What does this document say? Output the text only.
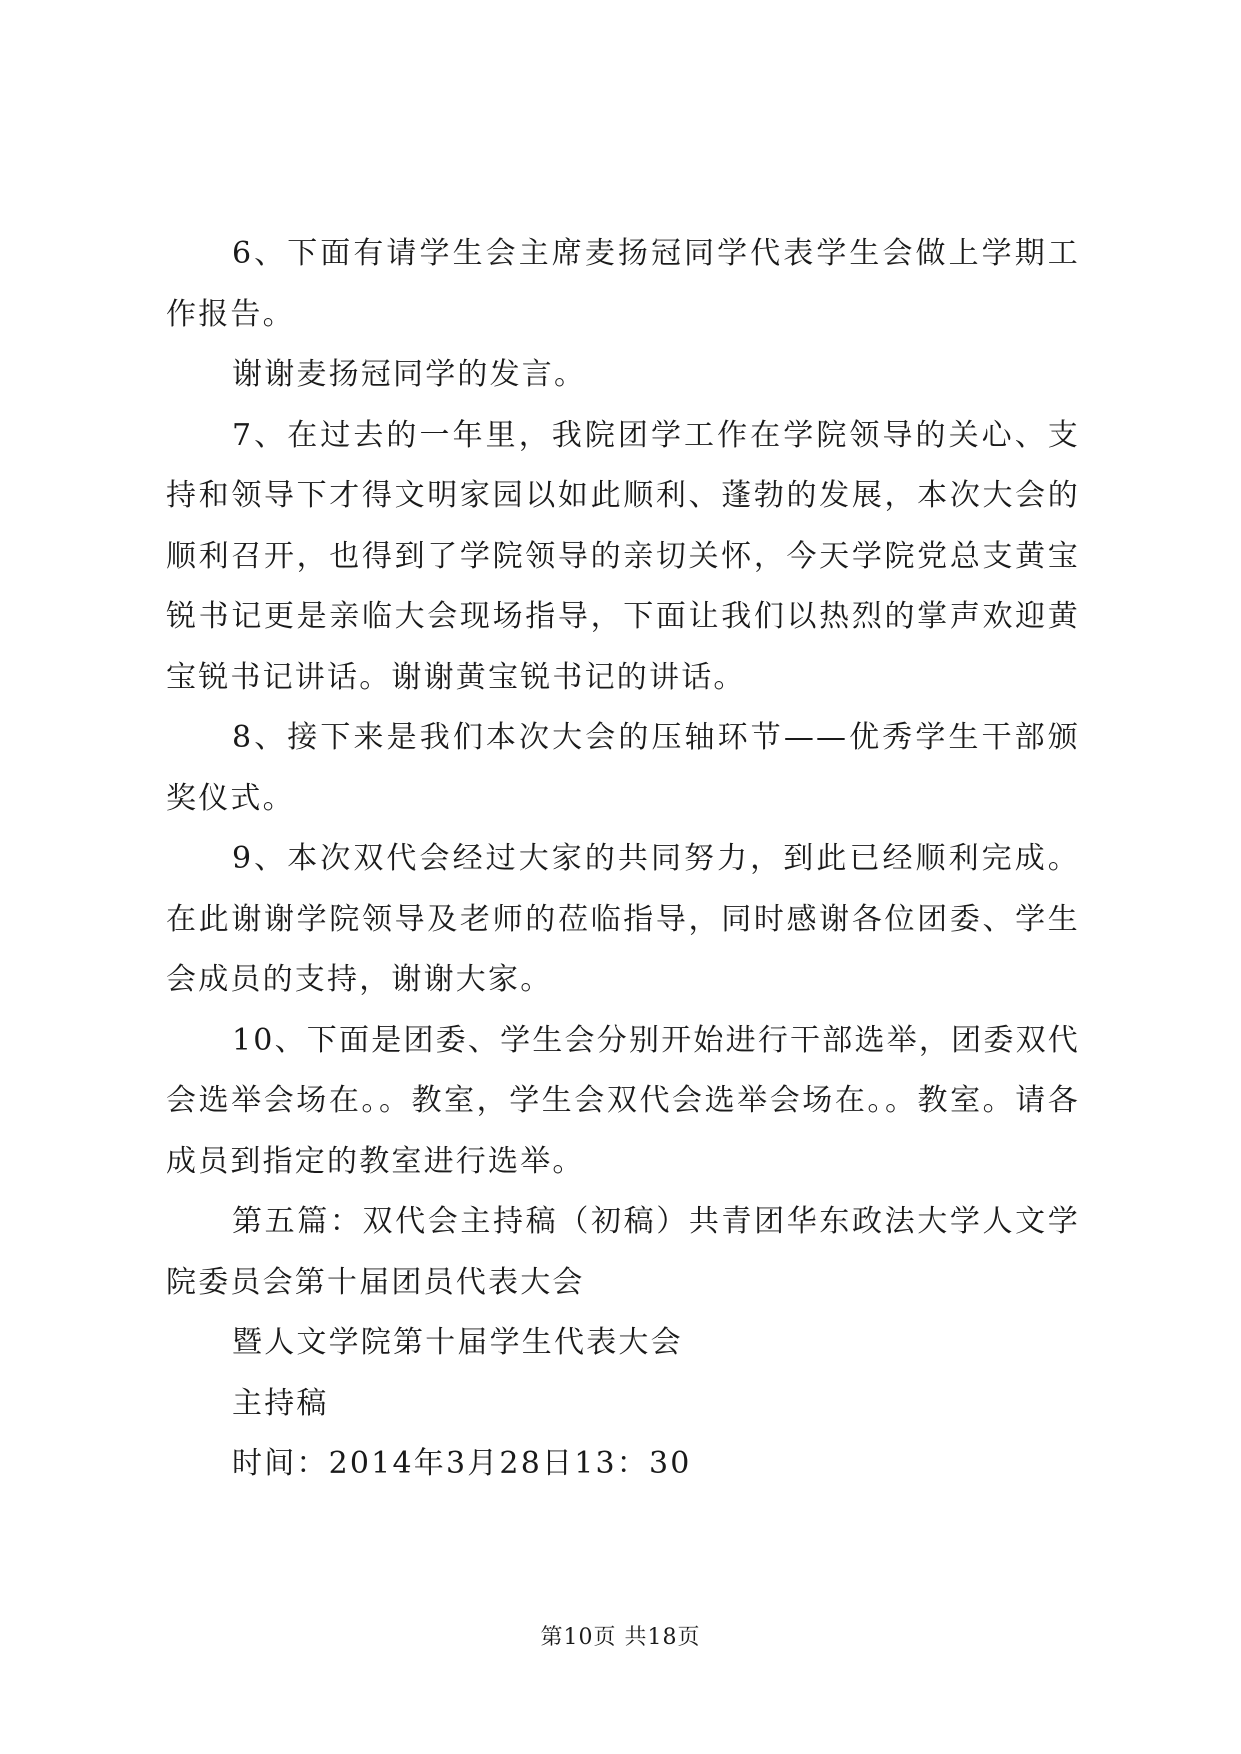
6、下面有请学生会主席麦扬冠同学代表学生会做上学期工作报告。

谢谢麦扬冠同学的发言。

7、在过去的一年里，我院团学工作在学院领导的关心、支持和领导下才得文明家园以如此顺利、蓬勃的发展，本次大会的顺利召开，也得到了学院领导的亲切关怀，今天学院党总支黄宝锐书记更是亲临大会现场指导，下面让我们以热烈的掌声欢迎黄宝锐书记讲话。谢谢黄宝锐书记的讲话。

8、接下来是我们本次大会的压轴环节——优秀学生干部颁奖仪式。

9、本次双代会经过大家的共同努力，到此已经顺利完成。在此谢谢学院领导及老师的莅临指导，同时感谢各位团委、学生会成员的支持，谢谢大家。

10、下面是团委、学生会分别开始进行干部选举，团委双代会选举会场在。。教室，学生会双代会选举会场在。。教室。请各成员到指定的教室进行选举。

第五篇：双代会主持稿（初稿）共青团华东政法大学人文学院委员会第十届团员代表大会

暨人文学院第十届学生代表大会

主持稿

时间：2014年3月28日13：30

第10页 共18页
